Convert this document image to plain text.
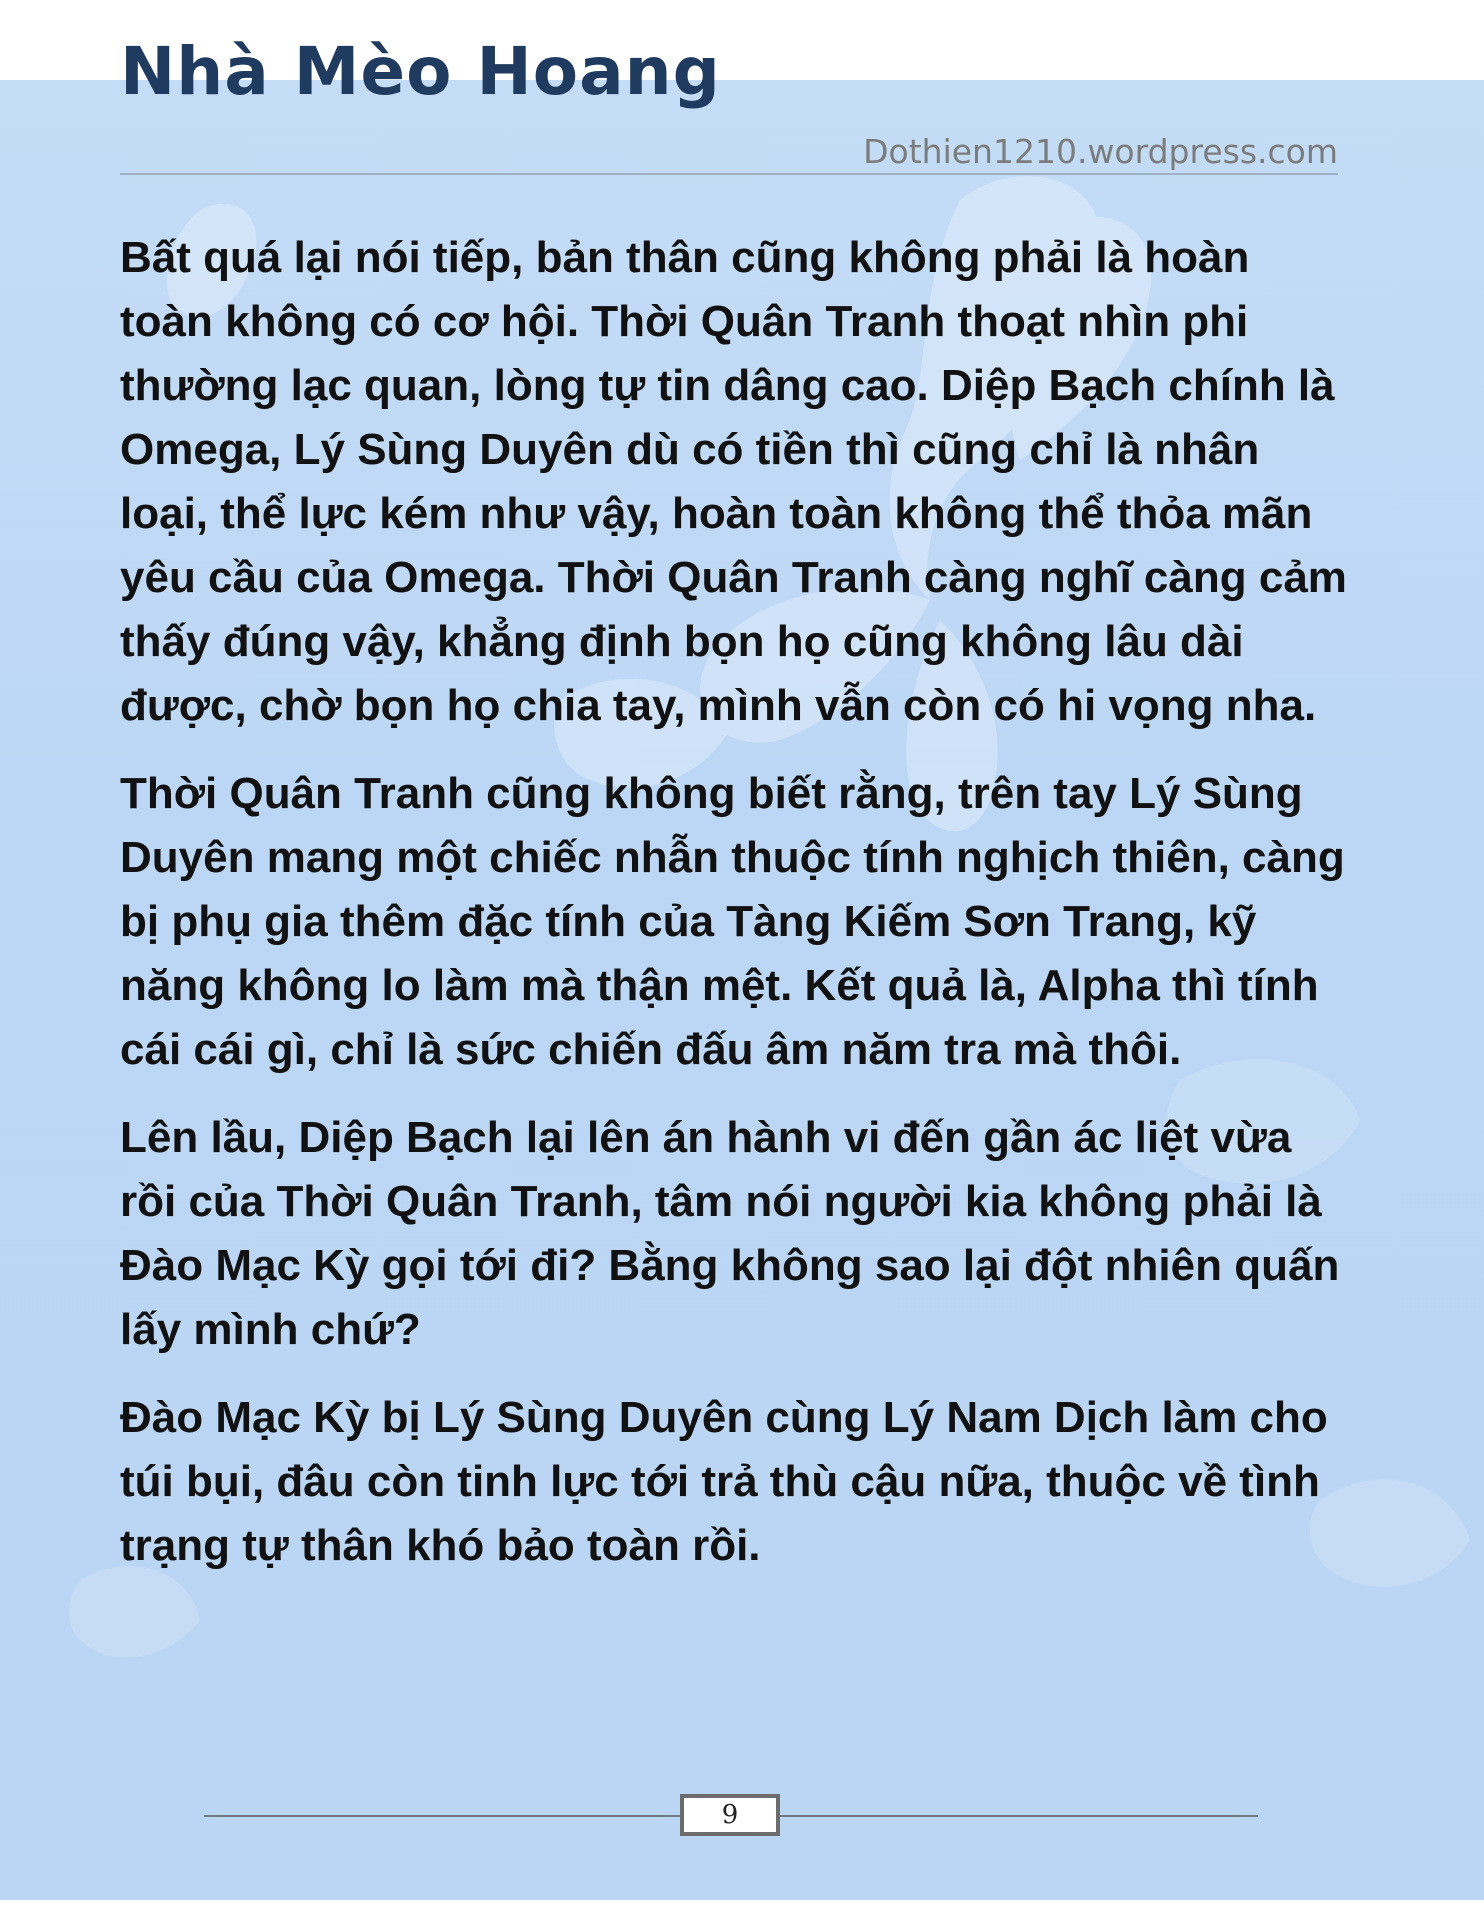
Nhà Mèo Hoang
Dothien1210.wordpress.com

Bất quá lại nói tiếp, bản thân cũng không phải là hoàn toàn không có cơ hội. Thời Quân Tranh thoạt nhìn phi thường lạc quan, lòng tự tin dâng cao. Diệp Bạch chính là Omega, Lý Sùng Duyên dù có tiền thì cũng chỉ là nhân loại, thể lực kém như vậy, hoàn toàn không thể thỏa mãn yêu cầu của Omega. Thời Quân Tranh càng nghĩ càng cảm thấy đúng vậy, khẳng định bọn họ cũng không lâu dài được, chờ bọn họ chia tay, mình vẫn còn có hi vọng nha.

Thời Quân Tranh cũng không biết rằng, trên tay Lý Sùng Duyên mang một chiếc nhẫn thuộc tính nghịch thiên, càng bị phụ gia thêm đặc tính của Tàng Kiếm Sơn Trang, kỹ năng không lo làm mà thận mệt. Kết quả là, Alpha thì tính cái cái gì, chỉ là sức chiến đấu âm năm tra mà thôi.

Lên lầu, Diệp Bạch lại lên án hành vi đến gần ác liệt vừa rồi của Thời Quân Tranh, tâm nói người kia không phải là Đào Mạc Kỳ gọi tới đi? Bằng không sao lại đột nhiên quấn lấy mình chứ?

Đào Mạc Kỳ bị Lý Sùng Duyên cùng Lý Nam Dịch làm cho túi bụi, đâu còn tinh lực tới trả thù cậu nữa, thuộc về tình trạng tự thân khó bảo toàn rồi.

9
